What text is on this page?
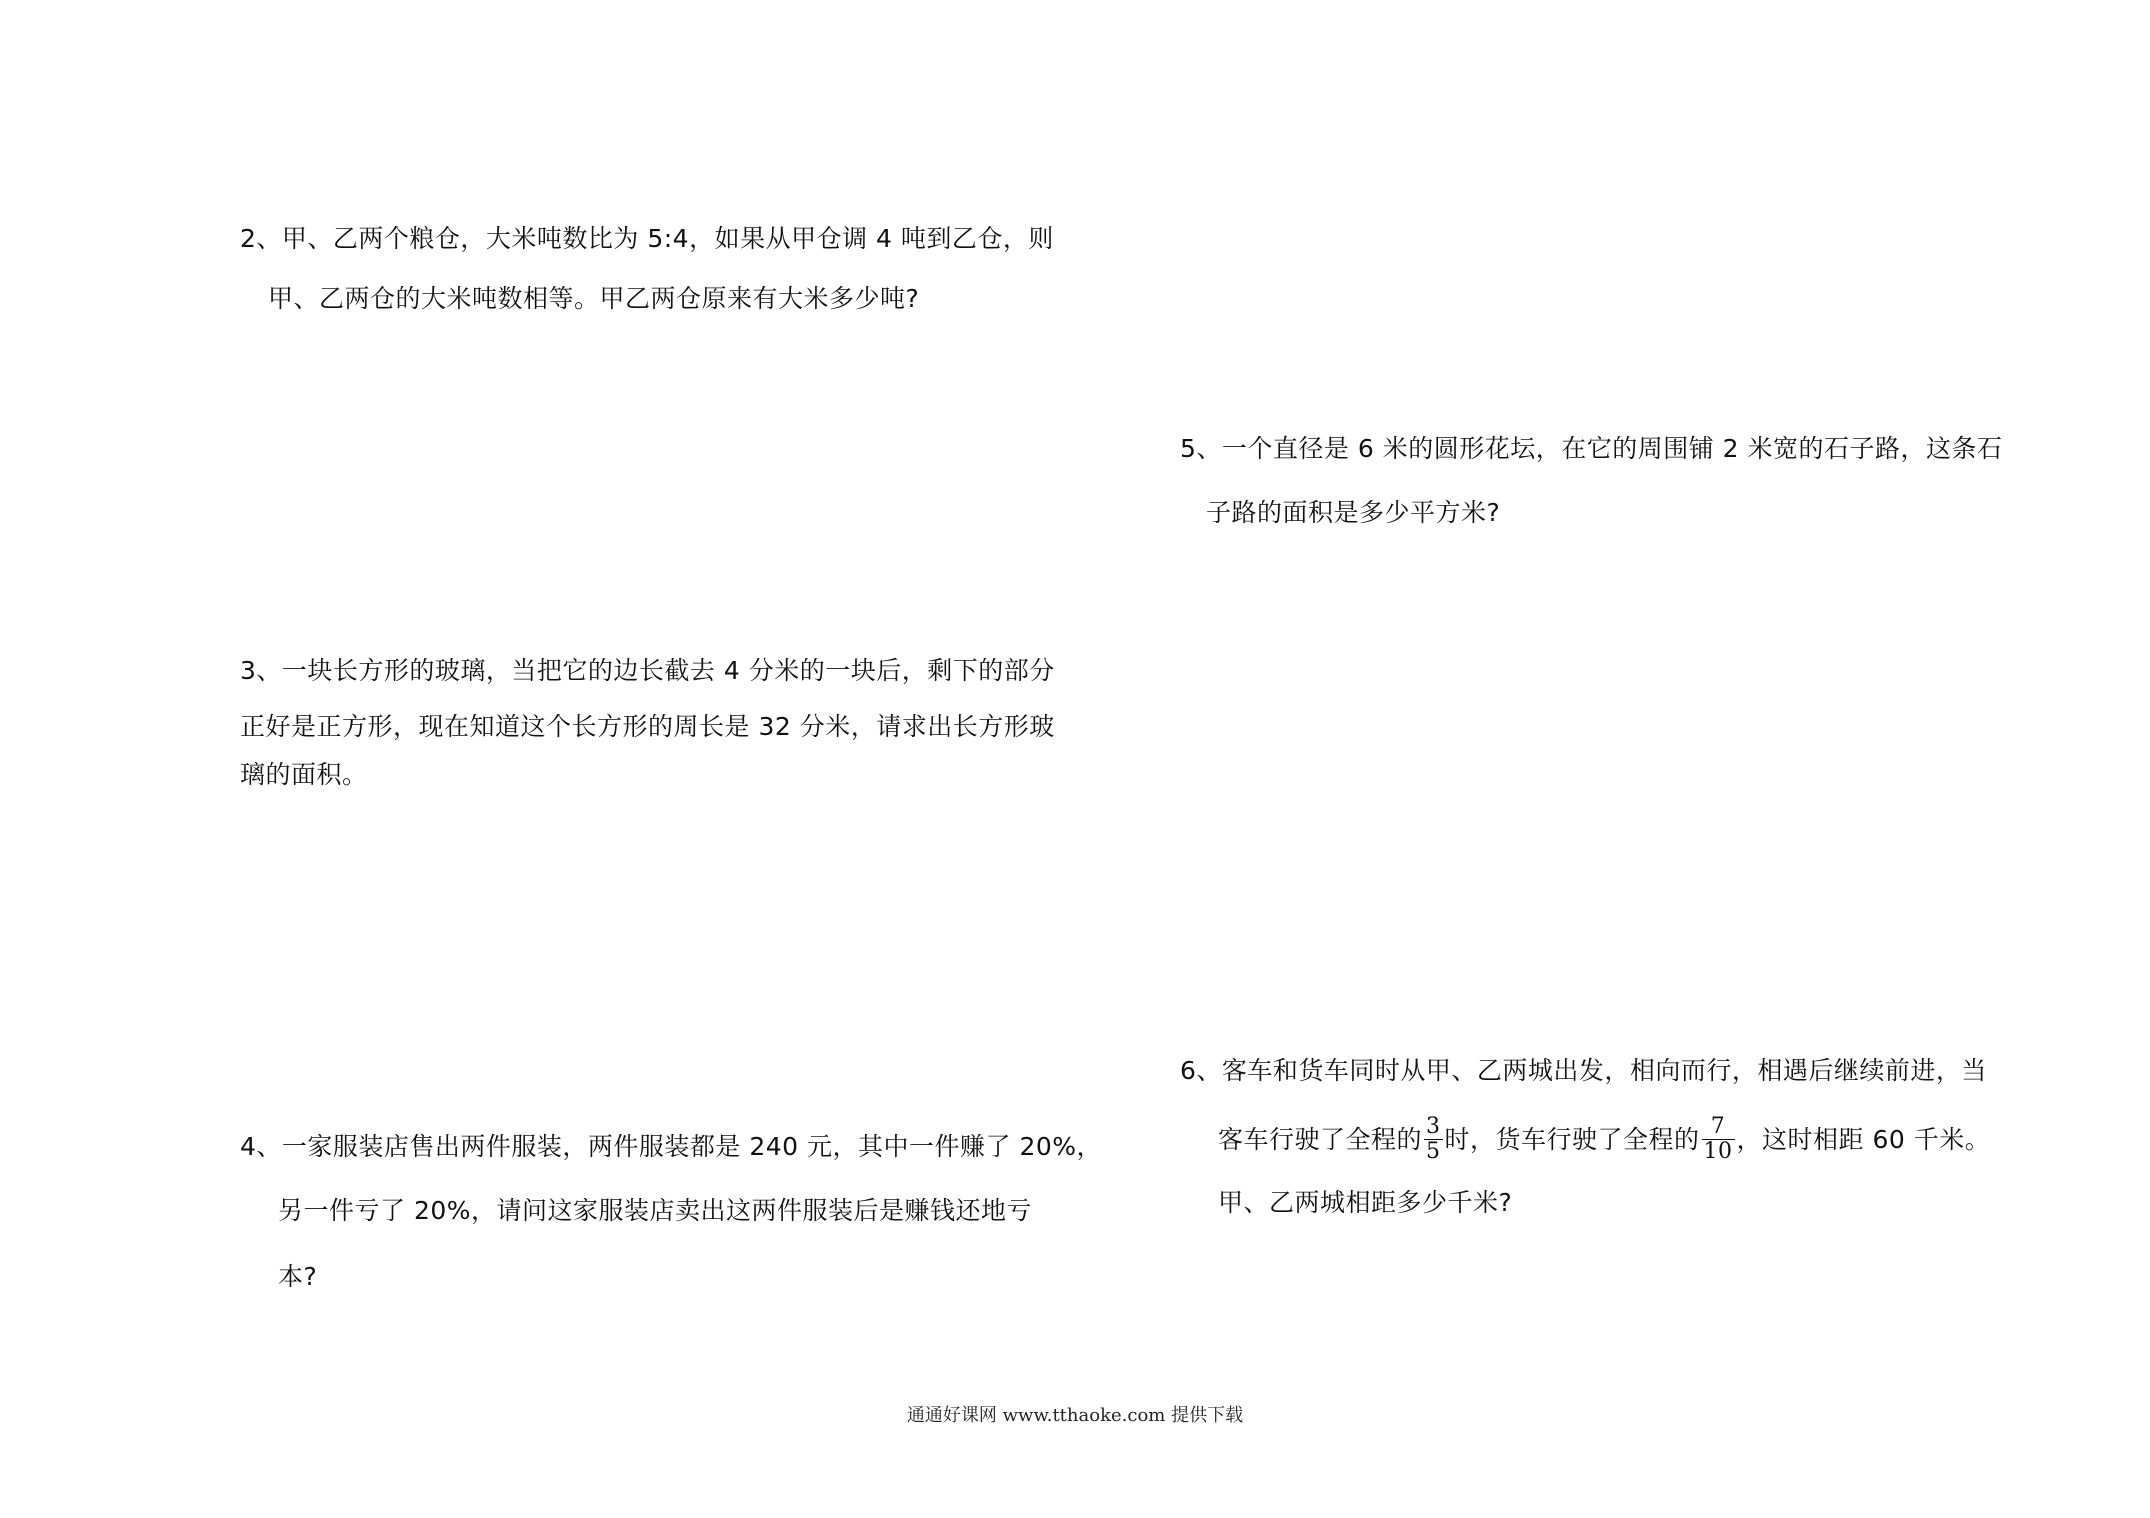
2、甲、乙两个粮仓，大米吨数比为 5:4，如果从甲仓调 4 吨到乙仓，则
甲、乙两仓的大米吨数相等。甲乙两仓原来有大米多少吨?
3、一块长方形的玻璃，当把它的边长截去 4 分米的一块后，剩下的部分
正好是正方形，现在知道这个长方形的周长是 32 分米，请求出长方形玻
璃的面积。
4、一家服装店售出两件服装，两件服装都是 240 元，其中一件赚了 20%，
另一件亏了 20%，请问这家服装店卖出这两件服装后是赚钱还地亏
本?
5、一个直径是 6 米的圆形花坛，在它的周围铺 2 米宽的石子路，这条石
子路的面积是多少平方米?
6、客车和货车同时从甲、乙两城出发，相向而行，相遇后继续前进，当
客车行驶了全程的 $\frac{3}{5}$ 时，货车行驶了全程的 $\frac{7}{10}$ ，这时相距 60 千米。
甲、乙两城相距多少千米?
通通好课网 www.tthaoke.com 提供下载
